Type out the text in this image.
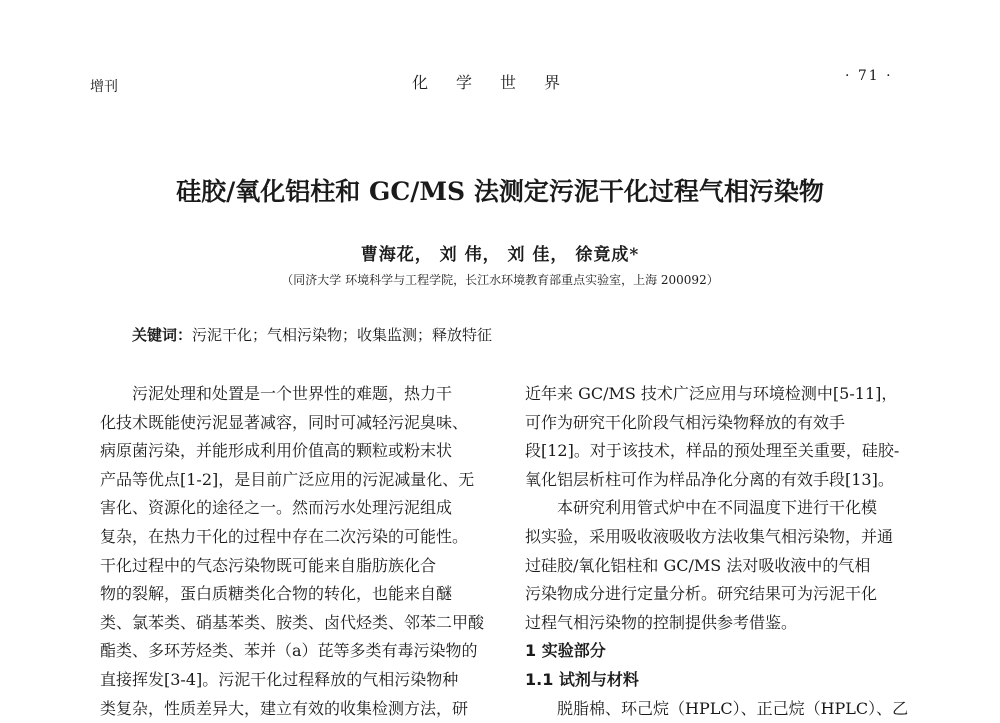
增刊	化学世界	· 71 ·
硅胶/氧化铝柱和 GC/MS 法测定污泥干化过程气相污染物
曹海花， 刘 伟， 刘 佳， 徐竟成*
（同济大学 环境科学与工程学院，长江水环境教育部重点实验室，上海 200092）
关键词：污泥干化；气相污染物；收集监测；释放特征
污泥处理和处置是一个世界性的难题，热力干
化技术既能使污泥显著减容，同时可减轻污泥臭味、
病原菌污染，并能形成利用价值高的颗粒或粉末状
产品等优点[1-2]，是目前广泛应用的污泥减量化、无
害化、资源化的途径之一。然而污水处理污泥组成
复杂，在热力干化的过程中存在二次污染的可能性。
干化过程中的气态污染物既可能来自脂肪族化合
物的裂解，蛋白质糖类化合物的转化，也能来自醚
类、氯苯类、硝基苯类、胺类、卤代烃类、邻苯二甲酸
酯类、多环芳烃类、苯并（a）芘等多类有毒污染物的
直接挥发[3-4]。污泥干化过程释放的气相污染物种
类复杂，性质差异大，建立有效的收集检测方法，研
近年来 GC/MS 技术广泛应用与环境检测中[5-11]，
可作为研究干化阶段气相污染物释放的有效手
段[12]。对于该技术，样品的预处理至关重要，硅胶-
氧化铝层析柱可作为样品净化分离的有效手段[13]。
本研究利用管式炉中在不同温度下进行干化模
拟实验，采用吸收液吸收方法收集气相污染物，并通
过硅胶/氧化铝柱和 GC/MS 法对吸收液中的气相
污染物成分进行定量分析。研究结果可为污泥干化
过程气相污染物的控制提供参考借鉴。
1 实验部分
1.1 试剂与材料
脱脂棉、环己烷（HPLC）、正己烷（HPLC）、乙
